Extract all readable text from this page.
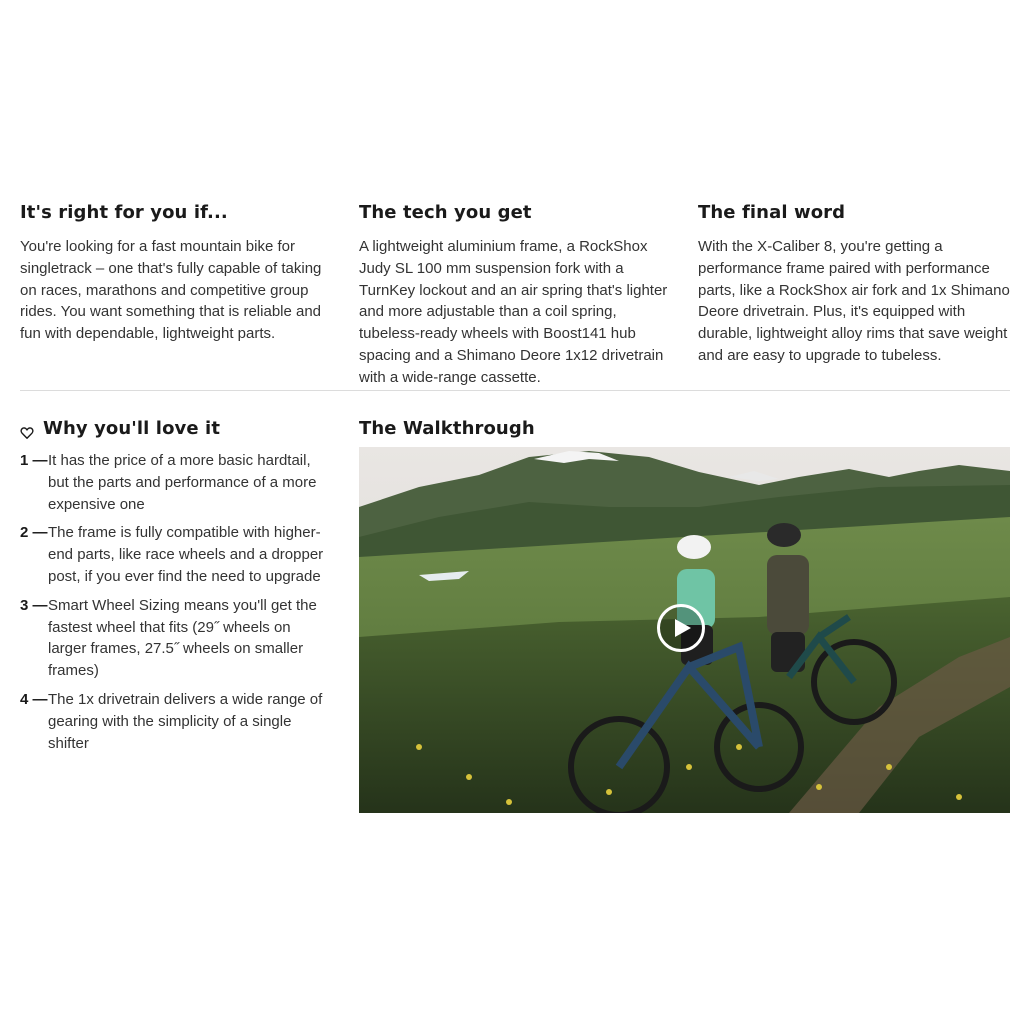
It's right for you if...

You're looking for a fast mountain bike for singletrack – one that's fully capable of taking on races, marathons and competitive group rides. You want something that is reliable and fun with dependable, lightweight parts.

The tech you get

A lightweight aluminium frame, a RockShox Judy SL 100 mm suspension fork with a TurnKey lockout and an air spring that's lighter and more adjustable than a coil spring, tubeless-ready wheels with Boost141 hub spacing and a Shimano Deore 1x12 drivetrain with a wide-range cassette.

The final word

With the X-Caliber 8, you're getting a performance frame paired with performance parts, like a RockShox air fork and 1x Shimano Deore drivetrain. Plus, it's equipped with durable, lightweight alloy rims that save weight and are easy to upgrade to tubeless.

Why you'll love it
1 — It has the price of a more basic hardtail, but the parts and performance of a more expensive one
2 — The frame is fully compatible with higher-end parts, like race wheels and a dropper post, if you ever find the need to upgrade
3 — Smart Wheel Sizing means you'll get the fastest wheel that fits (29˝ wheels on larger frames, 27.5˝ wheels on smaller frames)
4 — The 1x drivetrain delivers a wide range of gearing with the simplicity of a single shifter
The Walkthrough
